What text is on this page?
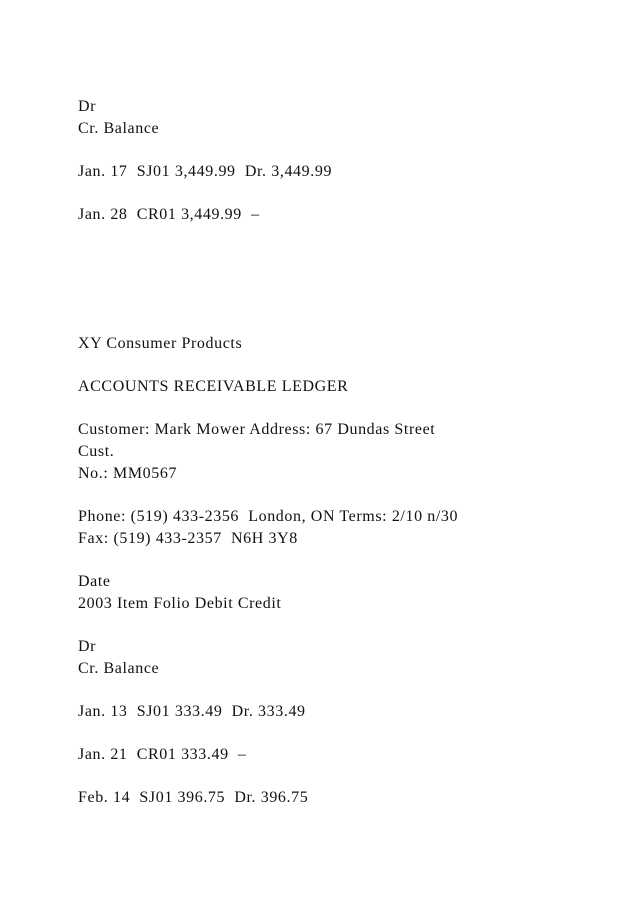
Dr
Cr. Balance
Jan. 17  SJ01 3,449.99  Dr. 3,449.99
Jan. 28  CR01 3,449.99  –
XY Consumer Products
ACCOUNTS RECEIVABLE LEDGER
Customer: Mark Mower Address: 67 Dundas Street
Cust.
No.: MM0567
Phone: (519) 433-2356  London, ON Terms: 2/10 n/30
Fax: (519) 433-2357  N6H 3Y8
Date
2003 Item Folio Debit Credit
Dr
Cr. Balance
Jan. 13  SJ01 333.49  Dr. 333.49
Jan. 21  CR01 333.49  –
Feb. 14  SJ01 396.75  Dr. 396.75
